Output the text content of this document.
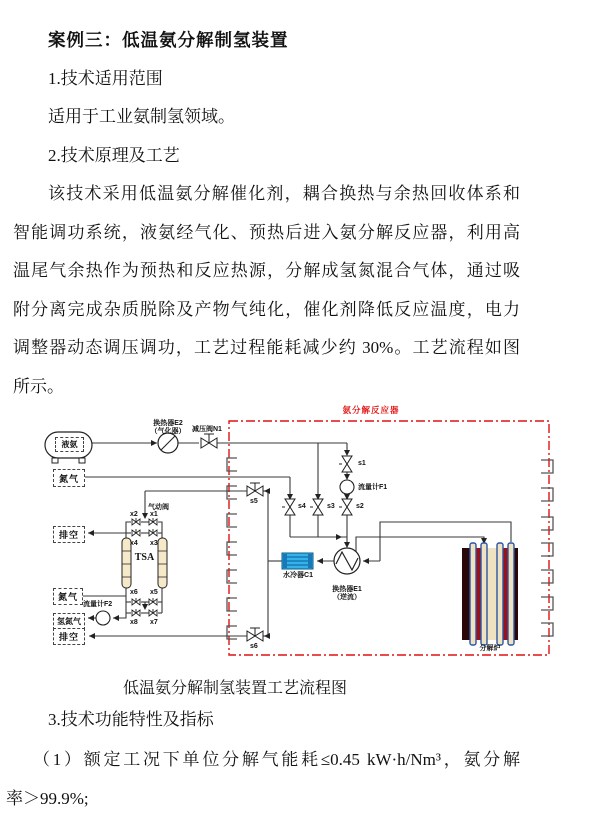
案例三：低温氨分解制氢装置
1.技术适用范围
适用于工业氨制氢领域。
2.技术原理及工艺
该技术采用低温氨分解催化剂，耦合换热与余热回收体系和
智能调功系统，液氨经气化、预热后进入氨分解反应器，利用高
温尾气余热作为预热和反应热源，分解成氢氮混合气体，通过吸
附分离完成杂质脱除及产物气纯化，催化剂降低反应温度，电力
调整器动态调压调功，工艺过程能耗减少约 30%。工艺流程如图
所示。
氨分解反应器
液氨
换热器E2
（气化器） 减压阀N1
氮气
排空
氮气
氢氮气
排空
s1
流量计F1
s2
s3
s4
s5
s6
气动阀
x2 x1
x4 x3
x6 x5
x8 x7
TSA
流量计F2
水冷器C1
换热器E1
（逆流）
分解炉
低温氨分解制氢装置工艺流程图
3.技术功能特性及指标
（1）额定工况下单位分解气能耗≤0.45 kW·h/Nm³，氨分解
率＞99.9%;
